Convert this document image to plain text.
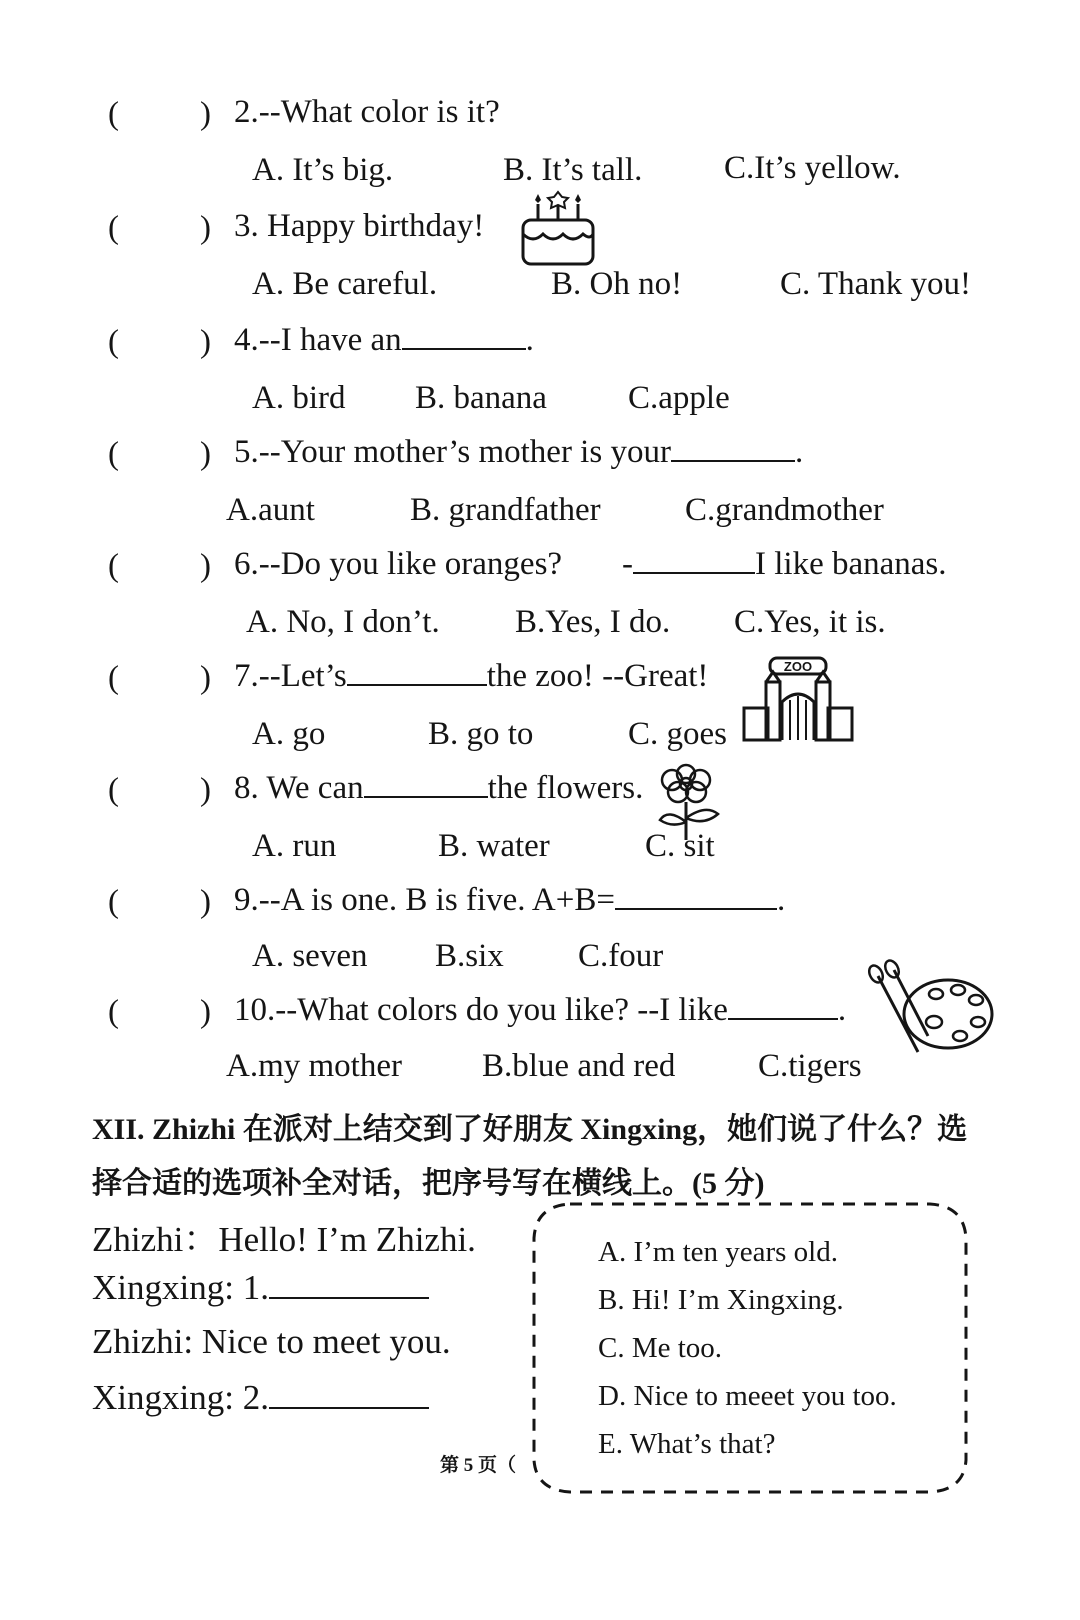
( ) 2.--What color is it?
A. It’s big.	B. It’s tall. C.It’s yellow.
( ) 3. Happy birthday!
A. Be careful.	B. Oh no!	C. Thank you!
( ) 4.--I have an	.
A. bird B. banana C.apple
( ) 5.--Your mother’s mother is your	.
A.aunt	B. grandfather	C.grandmother
( ) 6.--Do you like oranges? -	I like bananas.
A. No, I don’t. B.Yes, I do. C.Yes, it is.
( ) 7.--Let’s	the zoo! --Great!	ZOO
A. go	B. go to	C. goes
( ) 8. We can	the flowers.
A. run	B. water	C. sit
( ) 9.--A is one. B is five. A+B=	.
A. seven B.six C.four
( ) 10.--What colors do you like? --I like	.
A.my mother B.blue and red	C.tigers
XII. Zhizhi 在派对上结交到了好朋友 Xingxing，她们说了什么？选
择合适的选项补全对话，把序号写在横线上。(5 分)
Zhizhi：Hello! I’m Zhizhi.
Xingxing: 1.
Zhizhi: Nice to meet you.
Xingxing: 2.
A. I’m ten years old.
B. Hi! I’m Xingxing.
C. Me too.
D. Nice to meeet you too.
E. What’s that?
第 5 页（
